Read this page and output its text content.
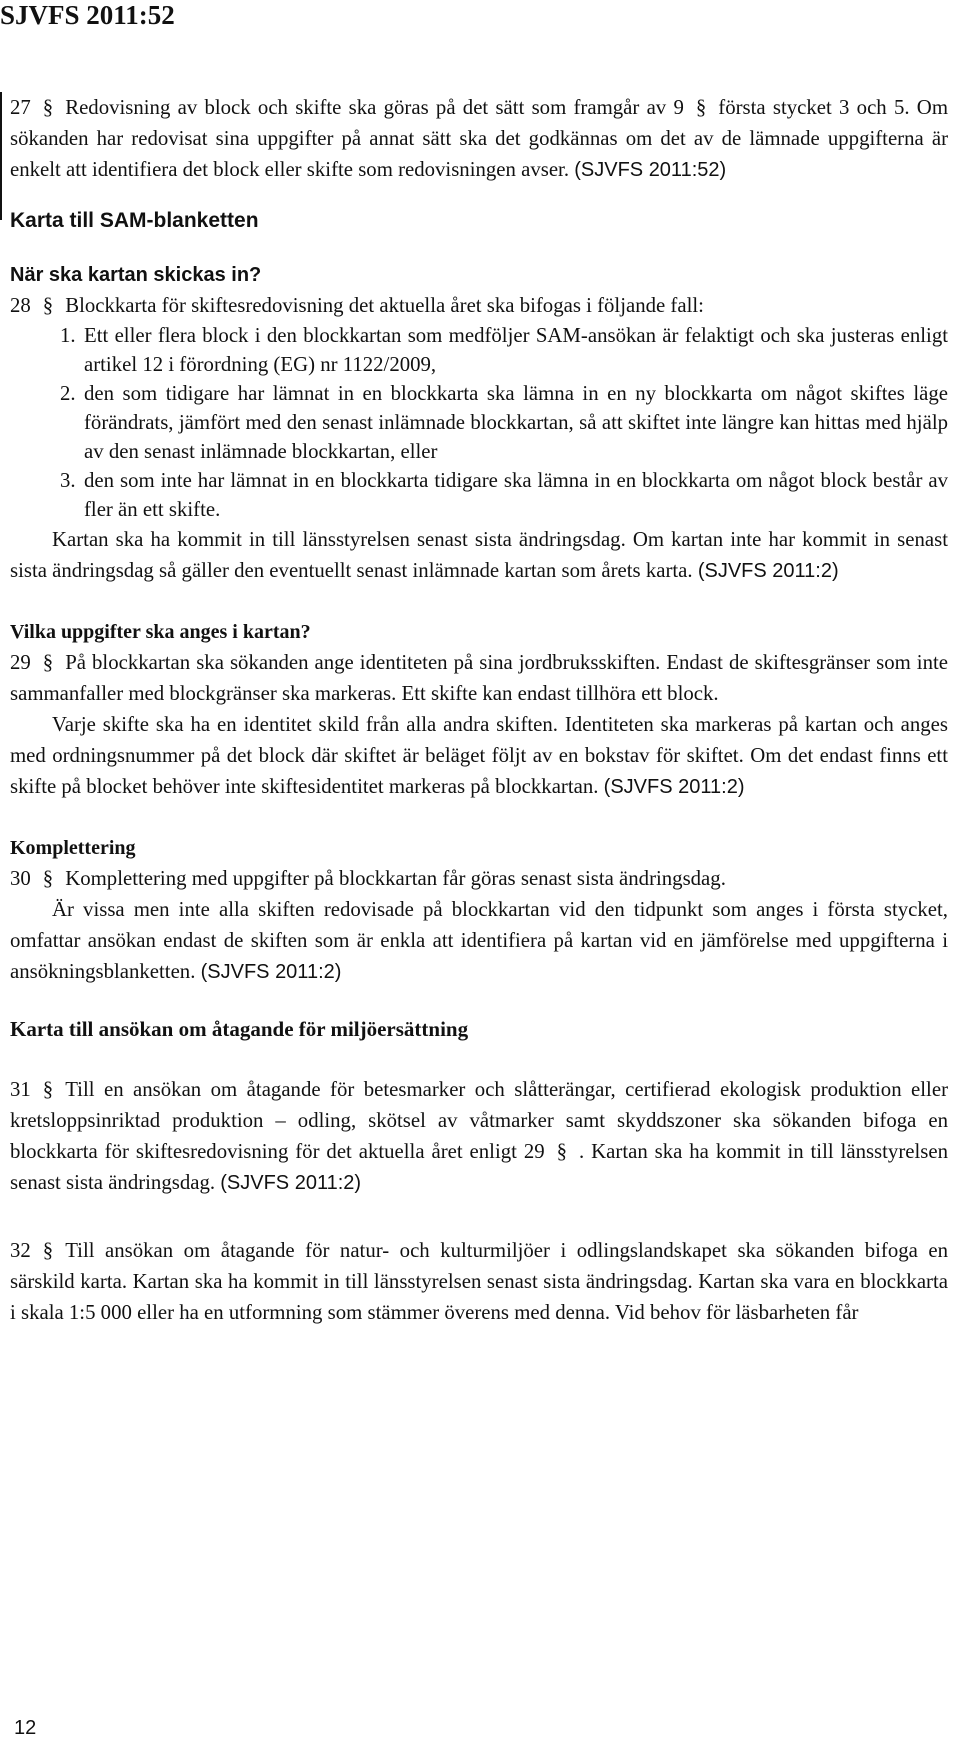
SJVFS 2011:52

27 § Redovisning av block och skifte ska göras på det sätt som framgår av 9 § första stycket 3 och 5. Om sökanden har redovisat sina uppgifter på annat sätt ska det godkännas om det av de lämnade uppgifterna är enkelt att identifiera det block eller skifte som redovisningen avser. (SJVFS 2011:52)

Karta till SAM-blanketten
När ska kartan skickas in?

28 § Blockkarta för skiftesredovisning det aktuella året ska bifogas i följande fall:

1. Ett eller flera block i den blockkartan som medföljer SAM-ansökan är felaktigt och ska justeras enligt artikel 12 i förordning (EG) nr 1122/2009,
2. den som tidigare har lämnat in en blockkarta ska lämna in en ny blockkarta om något skiftes läge förändrats, jämfört med den senast inlämnade blockkartan, så att skiftet inte längre kan hittas med hjälp av den senast inlämnade blockkartan, eller
3. den som inte har lämnat in en blockkarta tidigare ska lämna in en blockkarta om något block består av fler än ett skifte.

Kartan ska ha kommit in till länsstyrelsen senast sista ändringsdag. Om kartan inte har kommit in senast sista ändringsdag så gäller den eventuellt senast inlämnade kartan som årets karta. (SJVFS 2011:2)

Vilka uppgifter ska anges i kartan?

29 § På blockkartan ska sökanden ange identiteten på sina jordbruksskiften. Endast de skiftesgränser som inte sammanfaller med blockgränser ska markeras. Ett skifte kan endast tillhöra ett block.

Varje skifte ska ha en identitet skild från alla andra skiften. Identiteten ska markeras på kartan och anges med ordningsnummer på det block där skiftet är beläget följt av en bokstav för skiftet. Om det endast finns ett skifte på blocket behöver inte skiftesidentitet markeras på blockkartan. (SJVFS 2011:2)

Komplettering

30 § Komplettering med uppgifter på blockkartan får göras senast sista ändringsdag.

Är vissa men inte alla skiften redovisade på blockkartan vid den tidpunkt som anges i första stycket, omfattar ansökan endast de skiften som är enkla att identifiera på kartan vid en jämförelse med uppgifterna i ansökningsblanketten. (SJVFS 2011:2)

Karta till ansökan om åtagande för miljöersättning

31 § Till en ansökan om åtagande för betesmarker och slåtterängar, certifierad ekologisk produktion eller kretsloppsinriktad produktion – odling, skötsel av våtmarker samt skyddszoner ska sökanden bifoga en blockkarta för skiftesredovisning för det aktuella året enligt 29 § . Kartan ska ha kommit in till länsstyrelsen senast sista ändringsdag. (SJVFS 2011:2)

32 § Till ansökan om åtagande för natur- och kulturmiljöer i odlingslandskapet ska sökanden bifoga en särskild karta. Kartan ska ha kommit in till länsstyrelsen senast sista ändringsdag. Kartan ska vara en blockkarta i skala 1:5 000 eller ha en utformning som stämmer överens med denna. Vid behov för läsbarheten får

12
